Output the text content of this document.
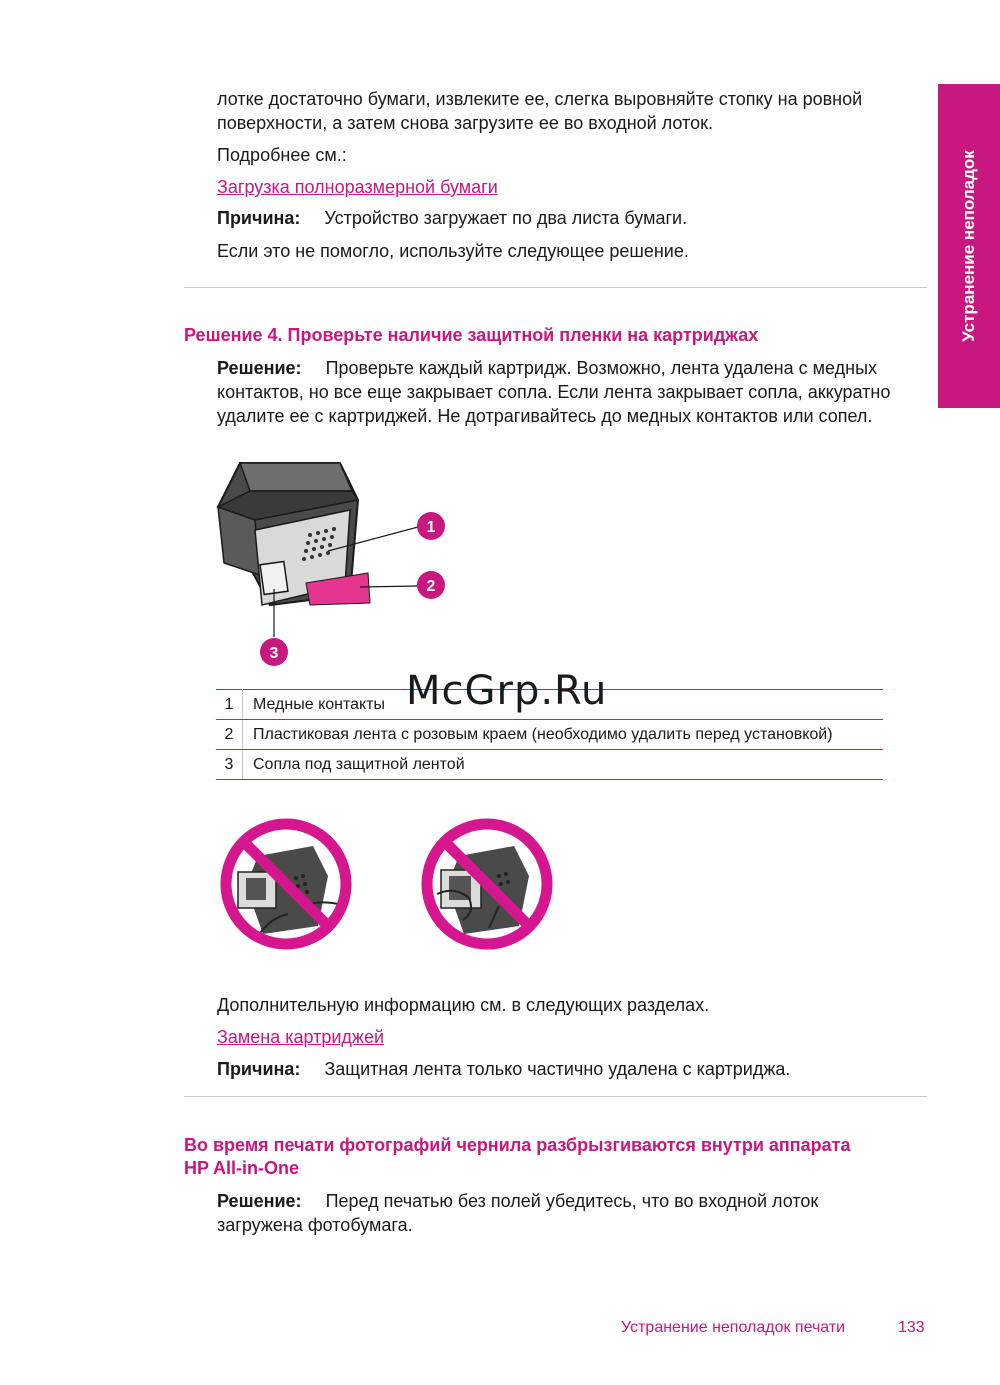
Устранение неполадок

лотке достаточно бумаги, извлеките ее, слегка выровняйте стопку на ровной

поверхности, а затем снова загрузите ее во входной лоток.

Подробнее см.:

Загрузка полноразмерной бумаги

Причина: Устройство загружает по два листа бумаги.

Если это не помогло, используйте следующее решение.

Решение 4. Проверьте наличие защитной пленки на картриджах

Решение: Проверьте каждый картридж. Возможно, лента удалена с медных

контактов, но все еще закрывает сопла. Если лента закрывает сопла, аккуратно

удалите ее с картриджей. Не дотрагивайтесь до медных контактов или сопел.

1
2
3
1	Медные контакты
2	Пластиковая лента с розовым краем (необходимо удалить перед установкой)
3	Сопла под защитной лентой
McGrp.Ru

Дополнительную информацию см. в следующих разделах.

Замена картриджей

Причина: Защитная лента только частично удалена с картриджа.

Во время печати фотографий чернила разбрызгиваются внутри аппарата
HP All-in-One

Решение: Перед печатью без полей убедитесь, что во входной лоток

загружена фотобумага.

Устранение неполадок печати	133
